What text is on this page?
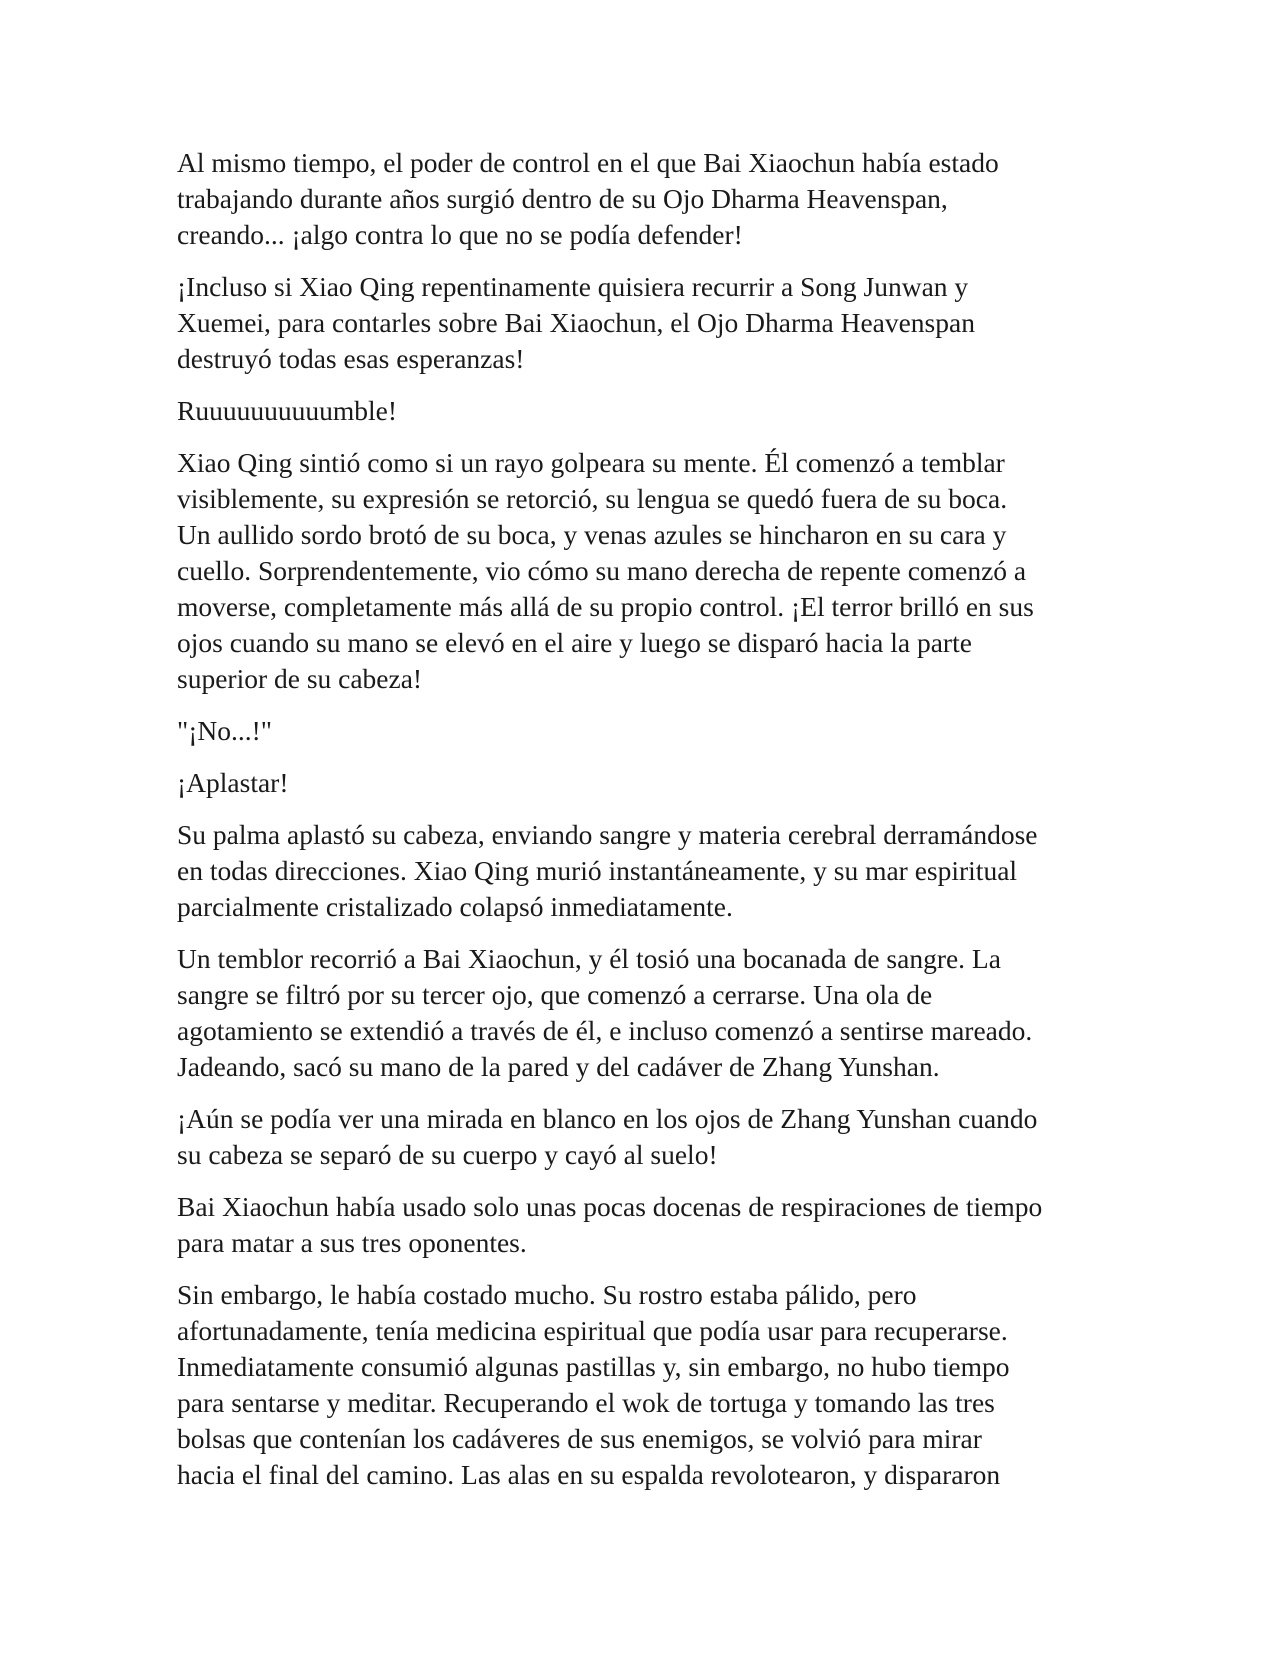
Al mismo tiempo, el poder de control en el que Bai Xiaochun había estado
trabajando durante años surgió dentro de su Ojo Dharma Heavenspan,
creando... ¡algo contra lo que no se podía defender!

¡Incluso si Xiao Qing repentinamente quisiera recurrir a Song Junwan y
Xuemei, para contarles sobre Bai Xiaochun, el Ojo Dharma Heavenspan
destruyó todas esas esperanzas!

Ruuuuuuuuuumble!

Xiao Qing sintió como si un rayo golpeara su mente. Él comenzó a temblar
visiblemente, su expresión se retorció, su lengua se quedó fuera de su boca.
Un aullido sordo brotó de su boca, y venas azules se hincharon en su cara y
cuello. Sorprendentemente, vio cómo su mano derecha de repente comenzó a
moverse, completamente más allá de su propio control. ¡El terror brilló en sus
ojos cuando su mano se elevó en el aire y luego se disparó hacia la parte
superior de su cabeza!

"¡No...!"

¡Aplastar!

Su palma aplastó su cabeza, enviando sangre y materia cerebral derramándose
en todas direcciones. Xiao Qing murió instantáneamente, y su mar espiritual
parcialmente cristalizado colapsó inmediatamente.

Un temblor recorrió a Bai Xiaochun, y él tosió una bocanada de sangre. La
sangre se filtró por su tercer ojo, que comenzó a cerrarse. Una ola de
agotamiento se extendió a través de él, e incluso comenzó a sentirse mareado.
Jadeando, sacó su mano de la pared y del cadáver de Zhang Yunshan.

¡Aún se podía ver una mirada en blanco en los ojos de Zhang Yunshan cuando
su cabeza se separó de su cuerpo y cayó al suelo!

Bai Xiaochun había usado solo unas pocas docenas de respiraciones de tiempo
para matar a sus tres oponentes.

Sin embargo, le había costado mucho. Su rostro estaba pálido, pero
afortunadamente, tenía medicina espiritual que podía usar para recuperarse.
Inmediatamente consumió algunas pastillas y, sin embargo, no hubo tiempo
para sentarse y meditar. Recuperando el wok de tortuga y tomando las tres
bolsas que contenían los cadáveres de sus enemigos, se volvió para mirar
hacia el final del camino. Las alas en su espalda revolotearon, y dispararon
